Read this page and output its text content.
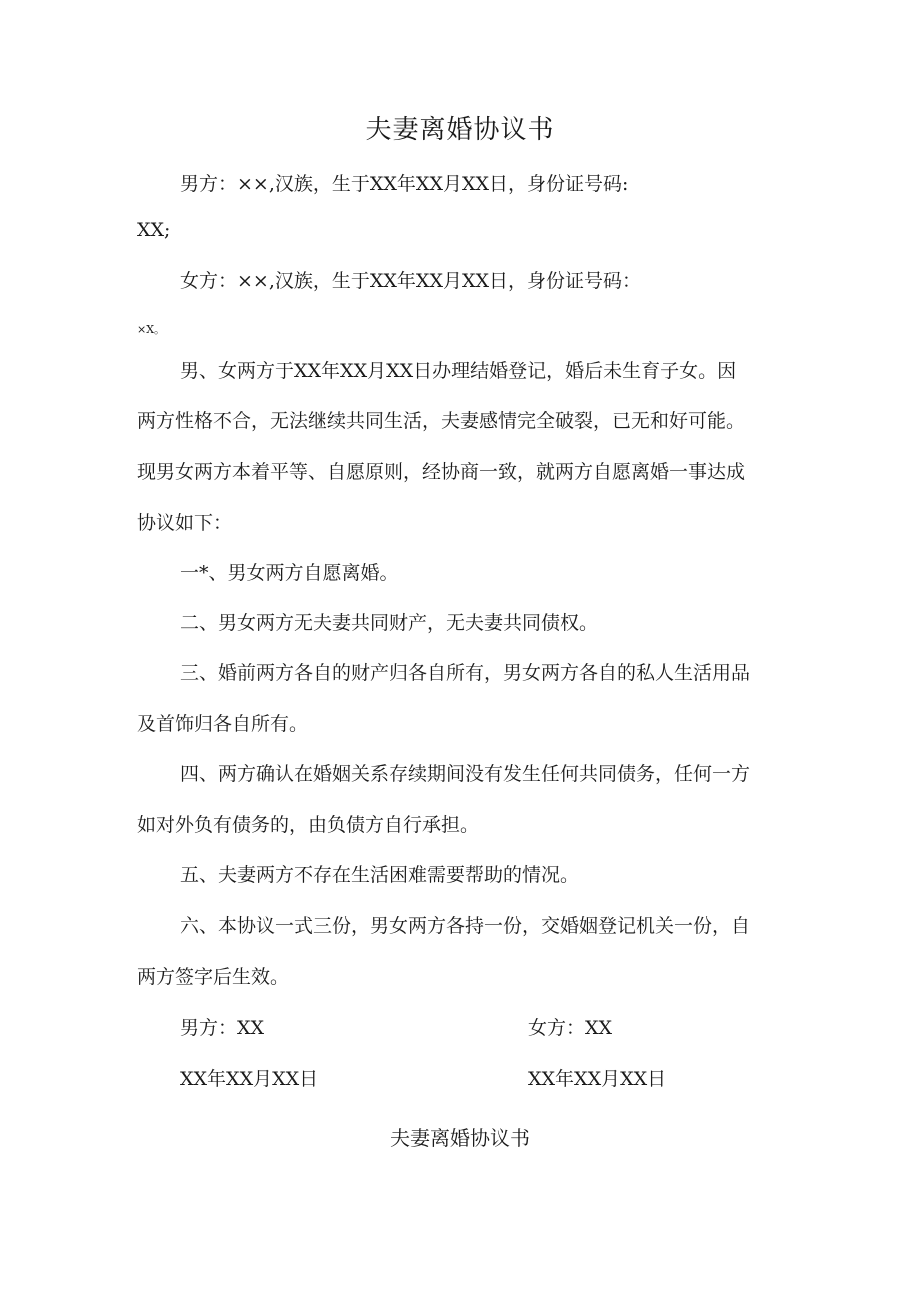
夫妻离婚协议书
男方：××,汉族，生于XX年XX月XX日，身份证号码:
XX;
女方：××,汉族，生于XX年XX月XX日，身份证号码：
×X。
男、女两方于XX年XX月XX日办理结婚登记，婚后未生育子女。因
两方性格不合，无法继续共同生活，夫妻感情完全破裂，已无和好可能。
现男女两方本着平等、自愿原则，经协商一致，就两方自愿离婚一事达成
协议如下：
一*、男女两方自愿离婚。
二、男女两方无夫妻共同财产，无夫妻共同债权。
三、婚前两方各自的财产归各自所有，男女两方各自的私人生活用品
及首饰归各自所有。
四、两方确认在婚姻关系存续期间没有发生任何共同债务，任何一方
如对外负有债务的，由负债方自行承担。
五、夫妻两方不存在生活困难需要帮助的情况。
六、本协议一式三份，男女两方各持一份，交婚姻登记机关一份，自
两方签字后生效。
男方：XX	女方：XX
XX年XX月XX日	XX年XX月XX日
夫妻离婚协议书
